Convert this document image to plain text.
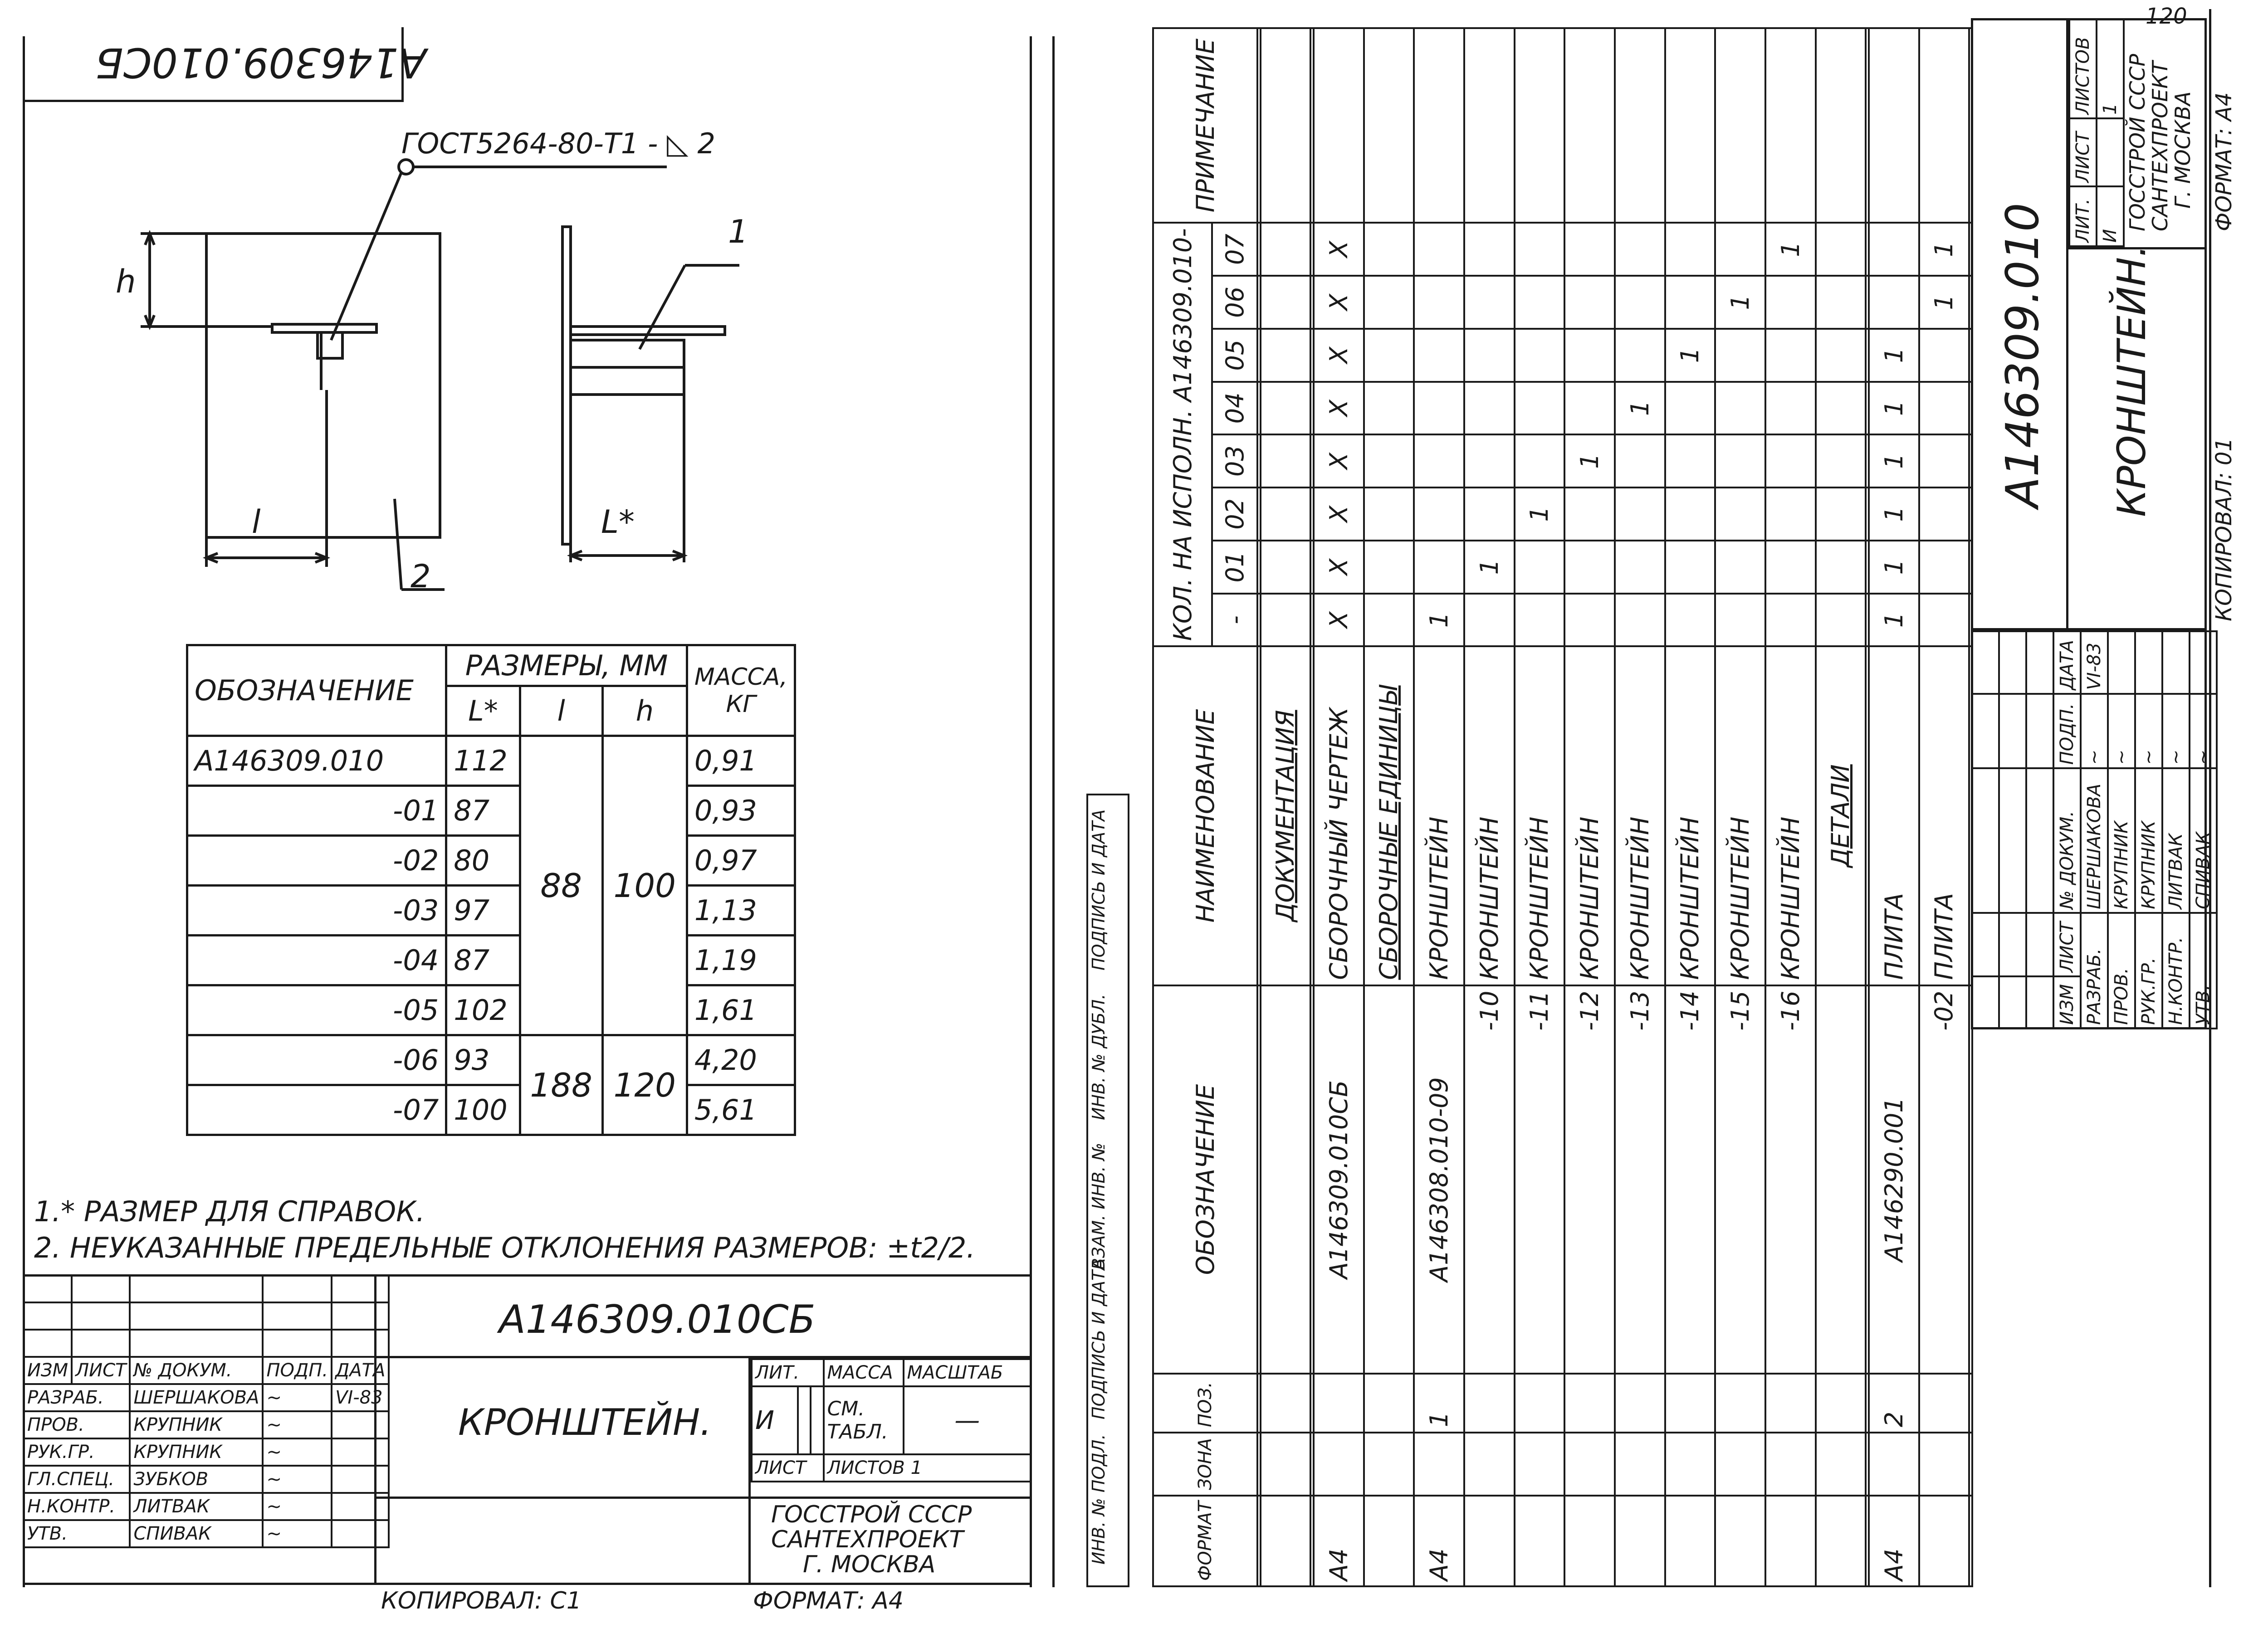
А146309.010СБ
ГОСТ5264-80-Т1 - ◺ 2
h
l	L*
1
2
ОБОЗНАЧЕНИЕ	РАЗМЕРЫ, ММ			МАССА, КГ
	L*	l	h	
А146309.010	112	88	100	0,91
-01	87			0,93
-02	80			0,97
-03	97			1,13
-04	87			1,19
-05	102			1,61
-06	93	188	120	4,20
-07	100			5,61
1.* РАЗМЕР ДЛЯ СПРАВОК.
2. НЕУКАЗАННЫЕ ПРЕДЕЛЬНЫЕ ОТКЛОНЕНИЯ РАЗМЕРОВ: ±t2/2.

ИЗМ	ЛИСТ	№ ДОКУМ.	ПОДП.	ДАТА
РАЗРАБ.		ШЕРШАКОВА	~	VI-83
ПРОВ.		КРУПНИК	~	
РУК.ГР.		КРУПНИК	~	
ГЛ.СПЕЦ.		ЗУБКОВ	~	
Н.КОНТР.		ЛИТВАК	~	
УТВ.		СПИВАК	~	
А146309.010СБ
КРОНШТЕЙН.
ЛИТ.			МАССА	МАСШТАБ
И			СМ. ТАБЛ.	—
ЛИСТ			ЛИСТОВ 1	
ГОССТРОЙ СССР
САНТЕХПРОЕКТ
Г. МОСКВА
КОПИРОВАЛ: С1	ФОРМАТ: А4
120
ИНВ. № ПОДЛ.
ПОДПИСЬ И ДАТА
ВЗАМ. ИНВ. №
ИНВ. № ДУБЛ.
ПОДПИСЬ И ДАТА
ФОРМАТ	ЗОНА	ПОЗ.	ОБОЗНАЧЕНИЕ	НАИМЕНОВАНИЕ	КОЛ. НА ИСПОЛН. А146309.010-								ПРИМЕЧАНИЕ
					-	01	02	03	04	05	06	07	

				ДОКУМЕНТАЦИЯ									

А4			А146309.010СБ	СБОРОЧНЫЙ ЧЕРТЕЖ	X	X	X	X	X	X	X	X	
				СБОРОЧНЫЕ ЕДИНИЦЫ									
А4		1	А146308.010-09	КРОНШТЕЙН	1								
			-10	КРОНШТЕЙН		1							
			-11	КРОНШТЕЙН			1						
			-12	КРОНШТЕЙН				1					
			-13	КРОНШТЕЙН					1				
			-14	КРОНШТЕЙН						1			
			-15	КРОНШТЕЙН							1		
			-16	КРОНШТЕЙН								1	
				ДЕТАЛИ									

А4		2	А146290.001	ПЛИТА	1	1	1	1	1	1			
			-02	ПЛИТА							1	1	

ИЗМ	ЛИСТ	№ ДОКУМ.	ПОДП.	ДАТА
РАЗРАБ.		ШЕРШАКОВА	~	VI-83
ПРОВ.		КРУПНИК	~	
РУК.ГР.		КРУПНИК	~	
Н.КОНТР.		ЛИТВАК	~	
УТВ.		СПИВАК	~	
А146309.010 КРОНШТЕЙН.
ЛИТ.	ЛИСТ	ЛИСТОВ
И		1 ГОССТРОЙ СССР
САНТЕХПРОЕКТ
Г. МОСКВА
КОПИРОВАЛ: 01
ФОРМАТ: А4
